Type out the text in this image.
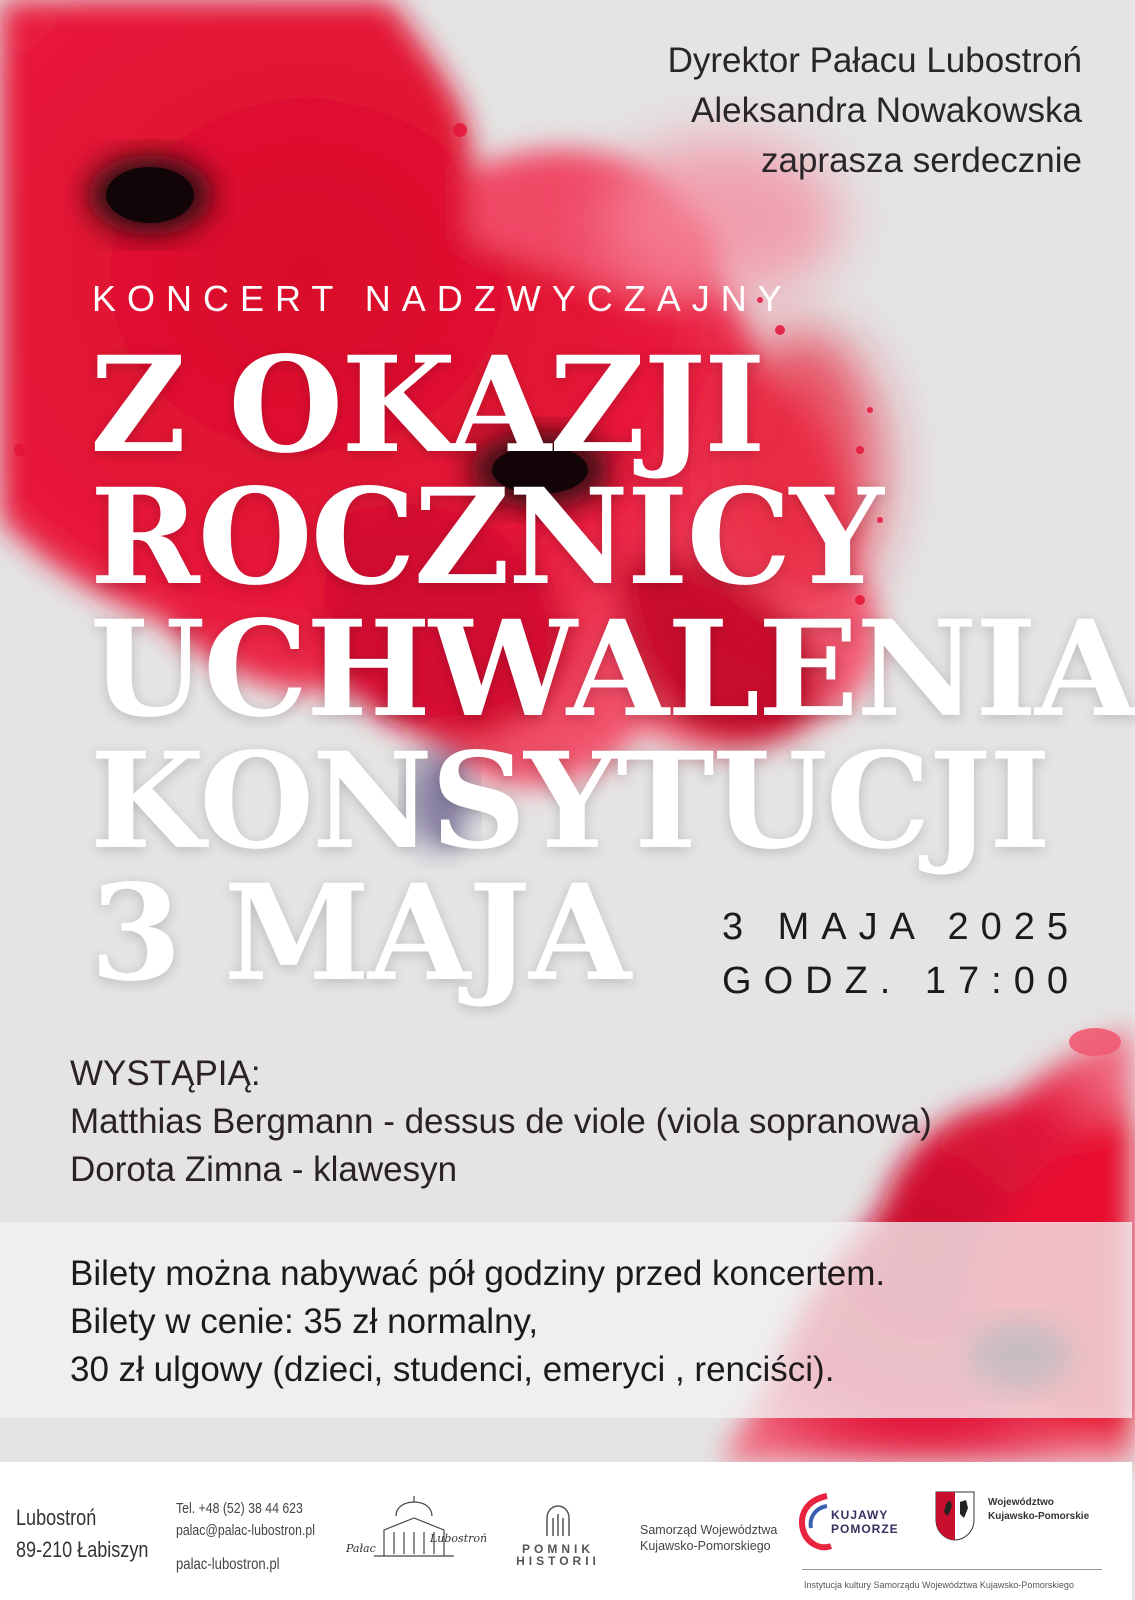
Dyrektor Pałacu Lubostroń
Aleksandra Nowakowska
zaprasza serdecznie
KONCERT NADZWYCZAJNY
Z OKAZJI
ROCZNICY
UCHWALENIA
KONSYTUCJI
3 MAJA	3 MAJA 2025
GODZ. 17:00
WYSTĄPIĄ:
Matthias Bergmann - dessus de viole (viola sopranowa)
Dorota Zimna - klawesyn
Bilety można nabywać pół godziny przed koncertem.
Bilety w cenie: 35 zł normalny,
30 zł ulgowy (dzieci, studenci, emeryci , renciści).
Lubostroń
89-210 Łabiszyn
Tel. +48 (52) 38 44 623
palac@palac-lubostron.pl
palac-lubostron.pl
Pałac
Lubostroń
POMNIK
HISTORII
Samorząd Województwa
Kujawsko-Pomorskiego
KUJAWY
POMORZE
Województwo
Kujawsko-Pomorskie
Instytucja kultury Samorządu Województwa Kujawsko-Pomorskiego
